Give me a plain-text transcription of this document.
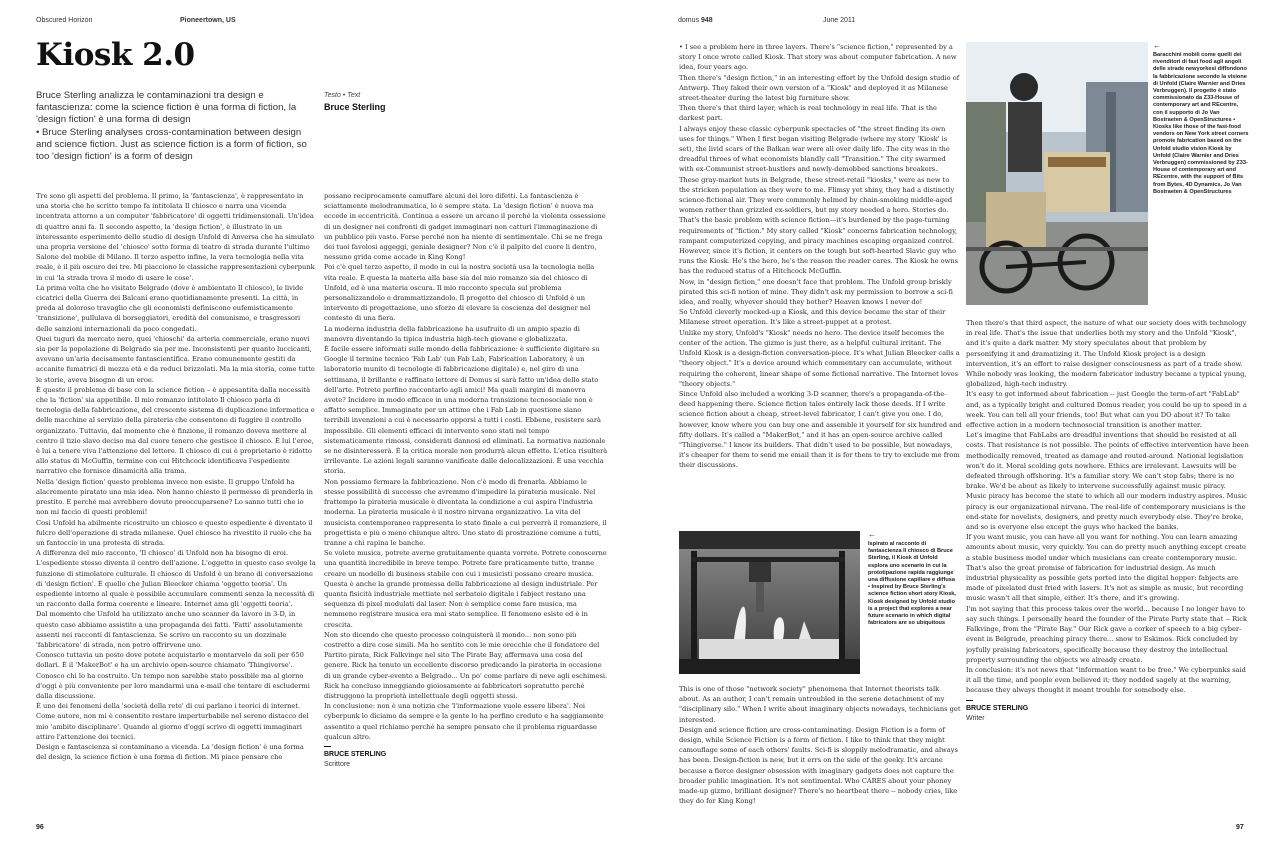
Obscured Horizon	Pioneertown, US
Kiosk 2.0

Bruce Sterling analizza le contaminazioni tra design e fantascienza: come la science fiction è una forma di fiction, la 'design fiction' è una forma di design

• Bruce Sterling analyses cross-contamination between design and science fiction. Just as science fiction is a form of fiction, so too 'design fiction' is a form of design

Testo • Text
Bruce Sterling

Tre sono gli aspetti del problema. Il primo, la 'fantascienza', è rappresentato in una storia che ho scritto tempo fa intitolata Il chiosco e narra una vicenda incentrata attorno a un computer 'fabbricatore' di oggetti tridimensionali. Un'idea di quattro anni fa. Il secondo aspetto, la 'design fiction', è illustrato in un interessante esperimento dello studio di design Unfold di Anversa che ha simulato una propria versione del 'chiosco' sotto forma di teatro di strada durante l'ultimo Salone del mobile di Milano. Il terzo aspetto infine, la vera tecnologia nella vita reale, è il più oscuro dei tre. Mi piacciono le classiche rappresentazioni cyberpunk in cui 'la strada trova il modo di usare le cose'.

La prima volta che ho visitato Belgrado (dove è ambientato Il chiosco), le livide cicatrici della Guerra dei Balcani erano quotidianamente presenti. La città, in preda al doloroso travaglio che gli economisti definiscono eufemisticamente 'transizione', pullulava di borseggiatori, eredità del comunismo, e trasgressori delle sanzioni internazionali da poco congedati.

Quei tuguri da mercato nero, quei 'chioschi' da arteria commerciale, erano nuovi sia per la popolazione di Belgrado sia per me. Inconsistenti per quanto luccicanti, avevano un'aria decisamente fantascientifica. Erano comunemente gestiti da accanite fumatrici di mezza età e da reduci brizzolati. Ma la mia storia, come tutte le storie, aveva bisogno di un eroe.

È questo il problema di base con la science fiction – è appesantita dalla necessità che la 'fiction' sia appetibile. Il mio romanzo intitolato Il chiosco parla di tecnologia della fabbricazione, del crescente sistema di duplicazione informatica e delle macchine al servizio della pirateria che consentono di fuggire il controllo organizzato. Tuttavia, dal momento che è finzione, il romanzo doveva mettere al centro il tizio slavo deciso ma dal cuore tenero che gestisce il chiosco. È lui l'eroe, è lui a tenere viva l'attenzione del lettore. Il chiosco di cui è proprietario è ridotto allo status di McGuffin, termine con cui Hitchcock identificava l'espediente narrativo che fornisce dinamicità alla trama.

Nella 'design fiction' questo problema invece non esiste. Il gruppo Unfold ha alacremente piratato una mia idea. Non hanno chiesto il permesso di prenderla in prestito. E perché mai avrebbero dovuto preoccuparsene? Lo sanno tutti che io non mi faccio di questi problemi!

Così Unfold ha abilmente ricostruito un chiosco e questo espediente è diventato il fulcro dell'operazione di strada milanese. Quel chiosco ha rivestito il ruolo che ha un fantoccio in una protesta di strada.

A differenza del mio racconto, 'Il chiosco' di Unfold non ha bisogno di eroi. L'espediente stesso diventa il centro dell'azione. L'oggetto in questo caso svolge la funzione di stimolatore culturale. Il chiosco di Unfold è un brano di conversazione di 'design fiction'. È quello che Julian Bleecker chiama 'oggetto teoria'. Un espediente intorno al quale è possibile accumulare commenti senza la necessità di un racconto dalla forma coerente e lineare. Internet ama gli 'oggetti teoria'.

Dal momento che Unfold ha utilizzato anche uno scanner da lavoro in 3-D, in questo caso abbiamo assistito a una propaganda dei fatti. 'Fatti' assolutamente assenti nei racconti di fantascienza. Se scrivo un racconto su un dozzinale 'fabbricatore' di strada, non potrò offrirvene uno.

Conosco tuttavia un posto dove potete acquistarlo e montarvelo da soli per 650 dollari. È il 'MakerBot' e ha un archivio open-source chiamato 'Thingiverse'. Conosco chi lo ha costruito. Un tempo non sarebbe stato possibile ma al giorno d'oggi è più conveniente per loro mandarmi una e-mail che tentare di escludermi dalla discussione.

È uno dei fenomeni della 'società della rete' di cui parlano i teorici di internet. Come autore, non mi è consentito restare imperturbabile nel sereno distacco del mio 'ambito disciplinare'. Quando al giorno d'oggi scrivo di oggetti immaginari attiro l'attenzione dei tecnici.

Design e fantascienza si contaminano a vicenda. La 'design fiction' è una forma del design, la science fiction è una forma di fiction. Mi piace pensare che

possano reciprocamente camuffare alcuni dei loro difetti. La fantascienza è sciattamente melodrammatica, lo è sempre stata. La 'design fiction' è nuova ma eccede in eccentricità. Continua a essere un arcano il perché la violenta ossessione di un designer nei confronti di gadget immaginari non catturi l'immaginazione di un pubblico più vasto. Forse perché non ha niente di sentimentale. Chi se ne frega dei tuoi favolosi aggeggi, geniale designer? Non c'è il palpito del cuore li dentro, nessuno grida come accade in King Kong!

Poi c'è quel terzo aspetto, il modo in cui la nostra società usa la tecnologia nella vita reale. È questa la materia alla base sia del mio romanzo sia del chiosco di Unfold, ed è una materia oscura. Il mio racconto specula sul problema personalizzandolo e drammatizzandolo. Il progetto del chiosco di Unfold è un intervento di progettazione, uno sforzo di elevare la coscienza del designer nel contesto di una fiera.

La moderna industria della fabbricazione ha usufruito di un ampio spazio di manovra diventando la tipica industria high-tech giovane e globalizzata.

È facile essere informati sulle mondo della fabbricazione: è sufficiente digitare su Google il termine tecnico 'Fab Lab' (un Fab Lab, Fabrication Laboratory, è un laboratorio munito di tecnologie di fabbricazione digitale) e, nel giro di una settimana, il brillante e raffinato lettore di Domus si sarà fatto un'idea dello stato dell'arte. Potrete perfino raccontarlo agli amici! Ma quali margini di manovra avete? Incidere in modo efficace in una moderna transizione tecnosociale non è affatto semplice. Immaginate per un attimo che i Fab Lab in questione siano terribili invenzioni a cui è necessario opporsi a tutti i costi. Ebbene, resistere sarà impossibile. Gli elementi efficaci di intervento sono stati nel tempo sistematicamente rimossi, considerati dannosi ed eliminati. La normativa nazionale se ne disinteresserà. È la critica morale non produrrà alcun effetto. L'etica risulterà irrilevante. Le azioni legali saranno vanificate dalle delocalizzazioni. È una vecchia storia.

Non possiamo fermare la fabbricazione. Non c'è modo di frenarla. Abbiamo le stesse possibilità di successo che avremmo d'impedire la pirateria musicale. Nel frattempo la pirateria musicale è diventata la condizione a cui aspira l'industria moderna. La pirateria musicale è il nostro nirvana organizzativo. La vita del musicista contemporaneo rappresenta lo stato finale a cui perverrà il romanziere, il progettista e più o meno chiunque altro. Uno stato di prostrazione comune a tutti, tranne a chi rapina le banche.

Se volete musica, potrete averne gratuitamente quanta vorrete. Potrete conoscerne una quantità incredibile in breve tempo. Potrete fare praticamente tutto, tranne creare un modello di business stabile con cui i musicisti possano creare musica.

Questa è anche la grande promessa della fabbricazione al design industriale. Per quanta fisicità industriale mettiate nel serbatoio digitale i fabject restano una sequenza di pixel modulati dal laser. Non è semplice come fare musica, ma nemmeno registrare musica era mai stato semplice. Il fenomeno esiste ed è in crescita.

Non sto dicendo che questo processo coinquisterà il mondo... non sono più costretto a dire cose simili. Ma ho sentito con le mie orecchie che il fondatore del Partito pirata, Rick Falkvinge nel sito The Pirate Bay, affermava una cosa del genere. Rick ha tenuto un eccellente discorso predicando la pirateria in occasione di un grande cyber-evento a Belgrado... Un po' come parlare di neve agli eschimesi. Rick ha concluso inneggiando gioiosamente ai fabbricatori sopratutto perché distruggono la proprietà intellettuale degli oggetti stessi.

In conclusione: non è una notizia che 'l'informazione vuole essere libera'. Noi cyberpunk lo diciamo da sempre e la gente lo ha perfino creduto e ha saggiamente assentito a quel richiamo perché ha sempre pensato che il problema riguardasse qualcun altro.

BRUCE STERLING
Scrittore
96
domus 948	June 2011

• I see a problem here in three layers. There's "science fiction," represented by a story I once wrote called Kiosk. That story was about computer fabrication. A new idea, four years ago.

Then there's "design fiction," in an interesting effort by the Unfold design studio of Antwerp. They faked their own version of a "Kiosk" and deployed it as Milanese street-theater during the latest big furniture show.

Then there's that third layer, which is real technology in real life. That is the darkest part.

I always enjoy these classic cyberpunk spectacles of "the street finding its own uses for things." When I first began visiting Belgrade (where my story 'Kiosk' is set), the livid scars of the Balkan war were all over daily life. The city was in the dreadful throes of what economists blandly call "Transition." The city swarmed with ex-Communist street-hustlers and newly-demobbed sanctions breakers.

These gray-market huts in Belgrade, these street-retail "kiosks," were as new to the stricken population as they were to me. Flimsy yet shiny, they had a distinctly science-fictional air. They were commonly helmed by chain-smoking middle-aged women rather than grizzled ex-soldiers, but my story needed a hero. Stories do.

That's the basic problem with science fiction—it's burdened by the page-turning requirements of "fiction." My story called "Kiosk" concerns fabrication technology, rampant computerized copying, and piracy machines escaping organized control. However, since it's fiction, it centers on the tough but soft-hearted Slavic guy who runs the Kiosk. He's the hero, he's the reason the reader cares. The Kiosk he owns has the reduced status of a Hitchcock McGuffin.

Now, in "design fiction," one doesn't face that problem. The Unfold group briskly pirated this sci-fi notion of mine. They didn't ask my permission to borrow a sci-fi idea, and really, whyever should they bother? Heaven knows I never do!

So Unfold cleverly mocked-up a Kiosk, and this device became the star of their Milanese street operation. It's like a street-puppet at a protest.

Unlike my story, Unfold's "Kiosk" needs no hero. The device itself becomes the center of the action. The gizmo is just there, as a helpful cultural irritant. The Unfold Kiosk is a design-fiction conversation-piece. It's what Julian Bleecker calls a "theory object." It's a device around which commentary can accumulate, without requiring the coherent, linear shape of some fictional narrative. The Internet loves "theory objects."

Since Unfold also included a working 3-D scanner, there's a propaganda-of-the-deed happening there. Science fiction tales entirely lack those deeds. If I write science fiction about a cheap, street-level fabricator, I can't give you one. I do, however, know where you can buy one and assemble it yourself for six hundred and fifty dollars. It's called a "MakerBot," and it has an open-source archive called "Thingiverse." I know its builders. That didn't used to be possible, but nowadays, it's cheaper for them to send me email than it is for them to try to exclude me from their discussions.

←
Ispirato al racconto di fantascienza Il chiosco di Bruce Sterling, il Kiosk di Unfold esplora uno scenario in cui la prototipazione rapida raggiunge una diffusione capillare e diffusa • Inspired by Bruce Sterling's science fiction short story Kiosk, Kiosk designed by Unfold studio is a project that explores a near future scenario in which digital fabricators are so ubiquitous

This is one of those "network society" phenomena that Internet theorists talk about. As an author, I can't remain untroubled in the serene detachment of my "disciplinary silo." When I write about imaginary objects nowadays, technicians get interested.

Design and science fiction are cross-contaminating. Design Fiction is a form of design, while Science Fiction is a form of fiction. I like to think that they might camouflage some of each others' faults. Sci-fi is sloppily melodramatic, and always has been. Design-fiction is new, but it errs on the side of the geeky. It's arcane because a fierce designer obsession with imaginary gadgets does not capture the broader public imagination. It's not sentimental. Who CARES about your phoney made-up gizmo, brilliant designer? There's no heartbeat there -- nobody cries, like they do for King Kong!

←
Baracchini mobili come quelli dei rivenditori di fast food agli angoli delle strade newyorkesi diffondono la fabbricazione secondo la visione di Unfold (Claire Warnier and Dries Verbruggen). Il progetto è stato commissionato da Z33-House of contemporary art and REcentre, con il supporto di Jo Van Bostraeten & OpenStructures • Kiosks like those of the fast-food vendors on New York street corners promote fabrication based on the Unfold studio vision Kiosk by Unfold (Claire Warnier and Dries Verbruggen) commissioned by Z33-House of contemporary art and REcentre, with the support of Bits from Bytes, 4D Dynamics, Jo Van Bostraeten & OpenStructures

Then there's that third aspect, the nature of what our society does with technology in real life. That's the issue that underlies both my story and the Unfold "Kiosk", and it's quite a dark matter. My story speculates about that problem by personifying it and dramatizing it. The Unfold Kiosk project is a design intervention, it's an effort to raise designer consciousness as part of a trade show.

While nobody was looking, the modern fabricator industry became a typical young, globalized, high-tech industry.

It's easy to get informed about fabrication -- just Google the term-of-art "FabLab" and, as a typically bright and cultured Domus reader, you could be up to speed in a week. You can tell all your friends, too! But what can you DO about it? To take effective action in a modern technosocial transition is another matter.

Let's imagine that FabLabs are dreadful inventions that should be resisted at all costs. That resistance is not possible. The points of effective intervention have been methodically removed, treated as damage and routed-around. National legislation won't do it. Moral scolding gets nowhere. Ethics are irrelevant. Lawsuits will be defeated through offshoring. It's a familiar story. We can't stop fabs; there is no brake. We'd be about as likely to intervene successfully against music piracy.

Music piracy has become the state to which all our modern industry aspires. Music piracy is our organizational nirvana. The real-life of contemporary musicians is the end-state for novelists, designers, and pretty much everybody else. They're broke, and so is everyone else except the guys who hacked the banks.

If you want music, you can have all you want for nothing. You can learn amazing amounts about music, very quickly. You can do pretty much anything except create a stable business model under which musicians can create contemporary music.

That's also the great promise of fabrication for industrial design. As much industrial physicality as possible gets ported into the digital hopper: fabjects are made of pixelated dust fried with lasers. It's not as simple as music, but recording music wasn't all that simple, either. It's there, and it's growing.

I'm not saying that this process takes over the world... because I no longer have to say such things. I personally heard the founder of the Pirate Party state that -- Rick Falkvinge, from the "Pirate Bay." Our Rick gave a corker of speech to a big cyber-event in Belgrade, preaching piracy there... snow to Eskimos. Rick concluded by joyfully praising fabricators, specifically because they destroy the intellectual property surrounding the objects we already create.

In conclusion: it's not news that "information want to be free." We cyberpunks said it all the time, and people even believed it; they nodded sagely at the warning, because they always thought it meant trouble for somebody else.

BRUCE STERLING
Writer
97
